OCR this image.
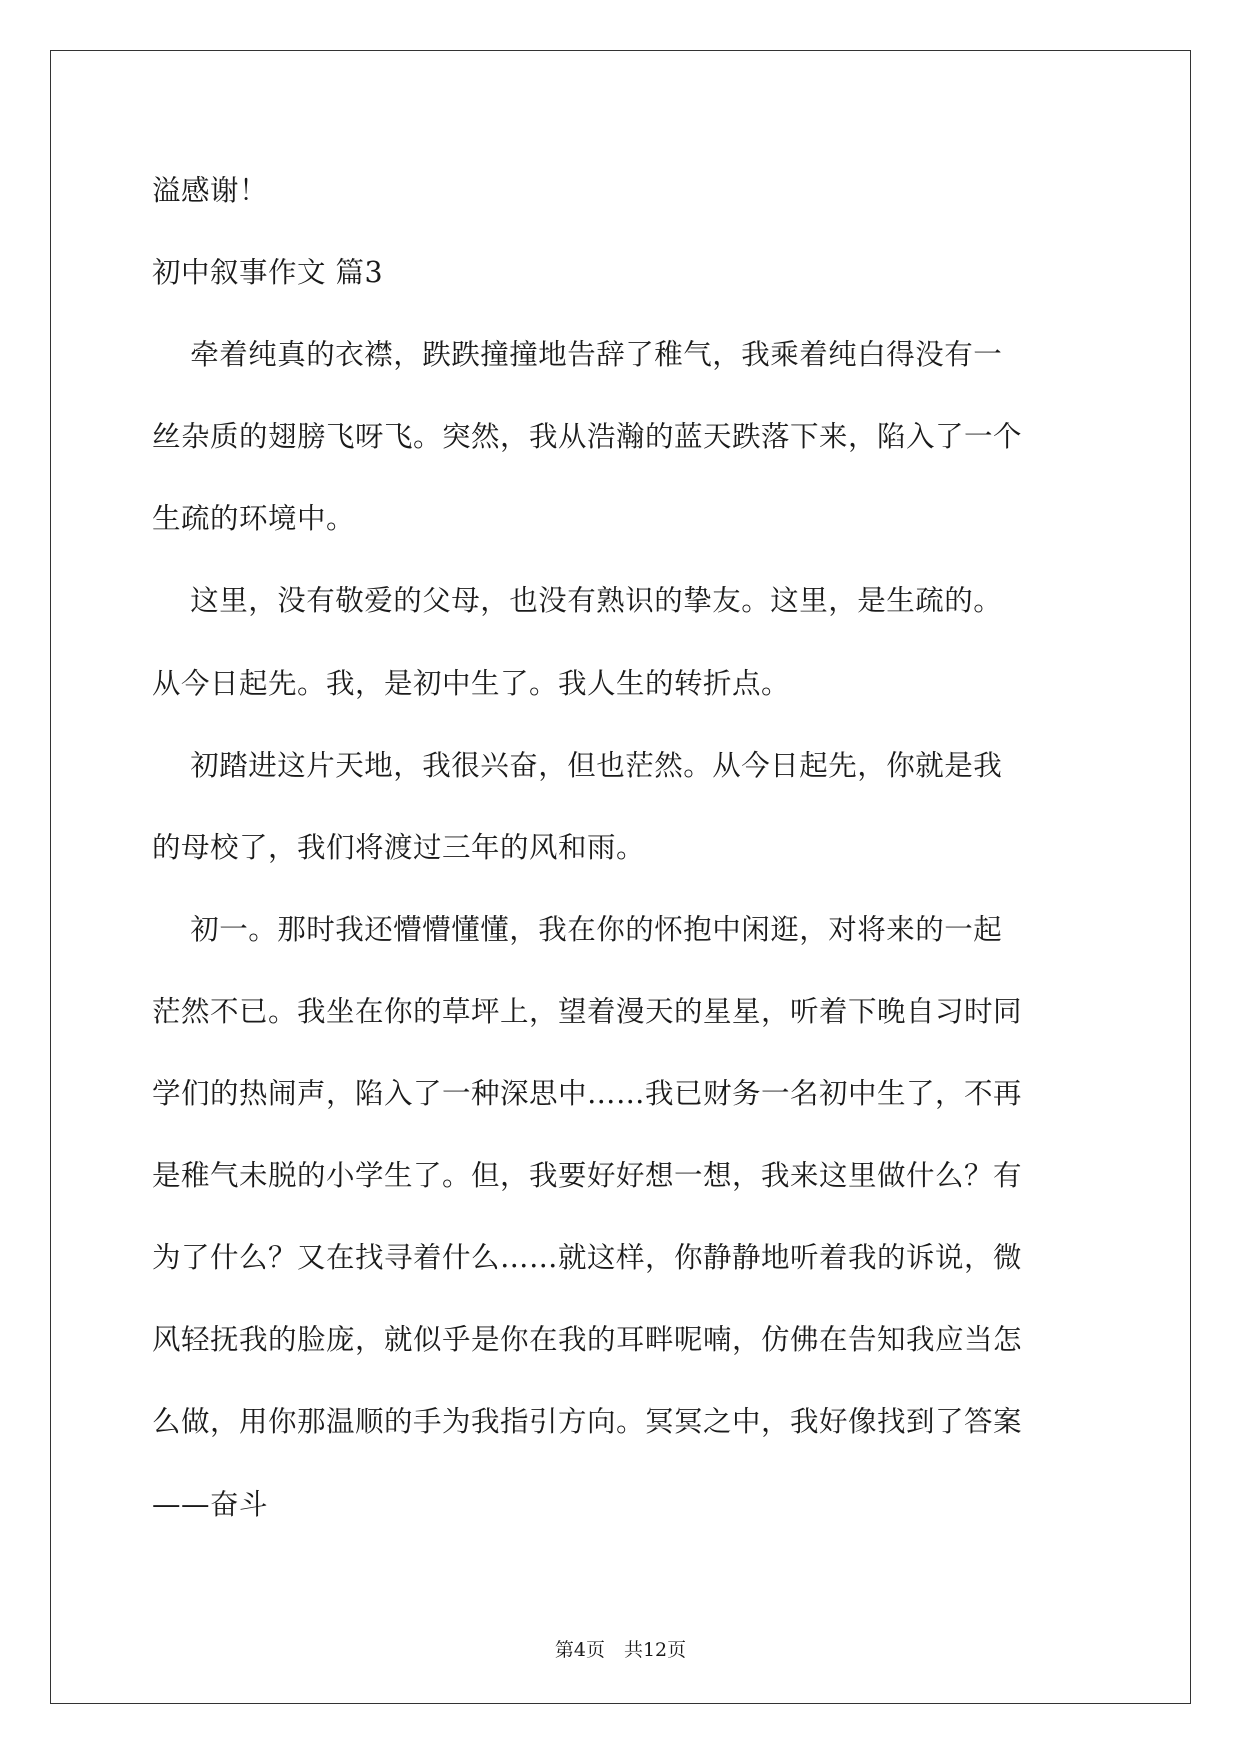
溢感谢！
初中叙事作文 篇3
牵着纯真的衣襟，跌跌撞撞地告辞了稚气，我乘着纯白得没有一
丝杂质的翅膀飞呀飞。突然，我从浩瀚的蓝天跌落下来，陷入了一个
生疏的环境中。
这里，没有敬爱的父母，也没有熟识的挚友。这里，是生疏的。
从今日起先。我，是初中生了。我人生的转折点。
初踏进这片天地，我很兴奋，但也茫然。从今日起先，你就是我
的母校了，我们将渡过三年的风和雨。
初一。那时我还懵懵懂懂，我在你的怀抱中闲逛，对将来的一起
茫然不已。我坐在你的草坪上，望着漫天的星星，听着下晚自习时同
学们的热闹声，陷入了一种深思中……我已财务一名初中生了，不再
是稚气未脱的小学生了。但，我要好好想一想，我来这里做什么？有
为了什么？又在找寻着什么……就这样，你静静地听着我的诉说，微
风轻抚我的脸庞，就似乎是你在我的耳畔呢喃，仿佛在告知我应当怎
么做，用你那温顺的手为我指引方向。冥冥之中，我好像找到了答案
——奋斗
第4页　共12页
